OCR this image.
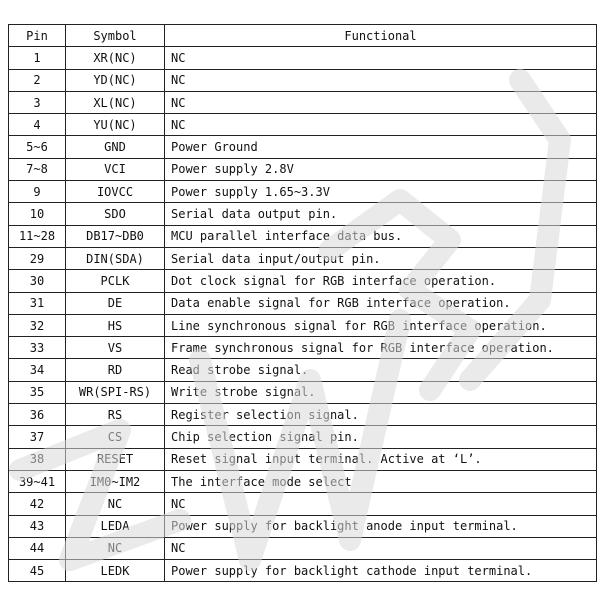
Pin	Symbol	Functional
1	XR(NC)	NC
2	YD(NC)	NC
3	XL(NC)	NC
4	YU(NC)	NC
5~6	GND	Power Ground
7~8	VCI	Power supply 2.8V
9	IOVCC	Power supply 1.65~3.3V
10	SDO	Serial data output pin.
11~28	DB17~DB0	MCU parallel interface data bus.
29	DIN(SDA)	Serial data input/output pin.
30	PCLK	Dot clock signal for RGB interface operation.
31	DE	Data enable signal for RGB interface operation.
32	HS	Line synchronous signal for RGB interface operation.
33	VS	Frame synchronous signal for RGB interface operation.
34	RD	Read strobe signal.
35	WR(SPI-RS)	Write strobe signal.
36	RS	Register selection signal.
37	CS	Chip selection signal pin.
38	RESET	Reset signal input terminal. Active at ‘L’.
39~41	IM0~IM2	The interface mode select
42	NC	NC
43	LEDA	Power supply for backlight anode input terminal.
44	NC	NC
45	LEDK	Power supply for backlight cathode input terminal.
